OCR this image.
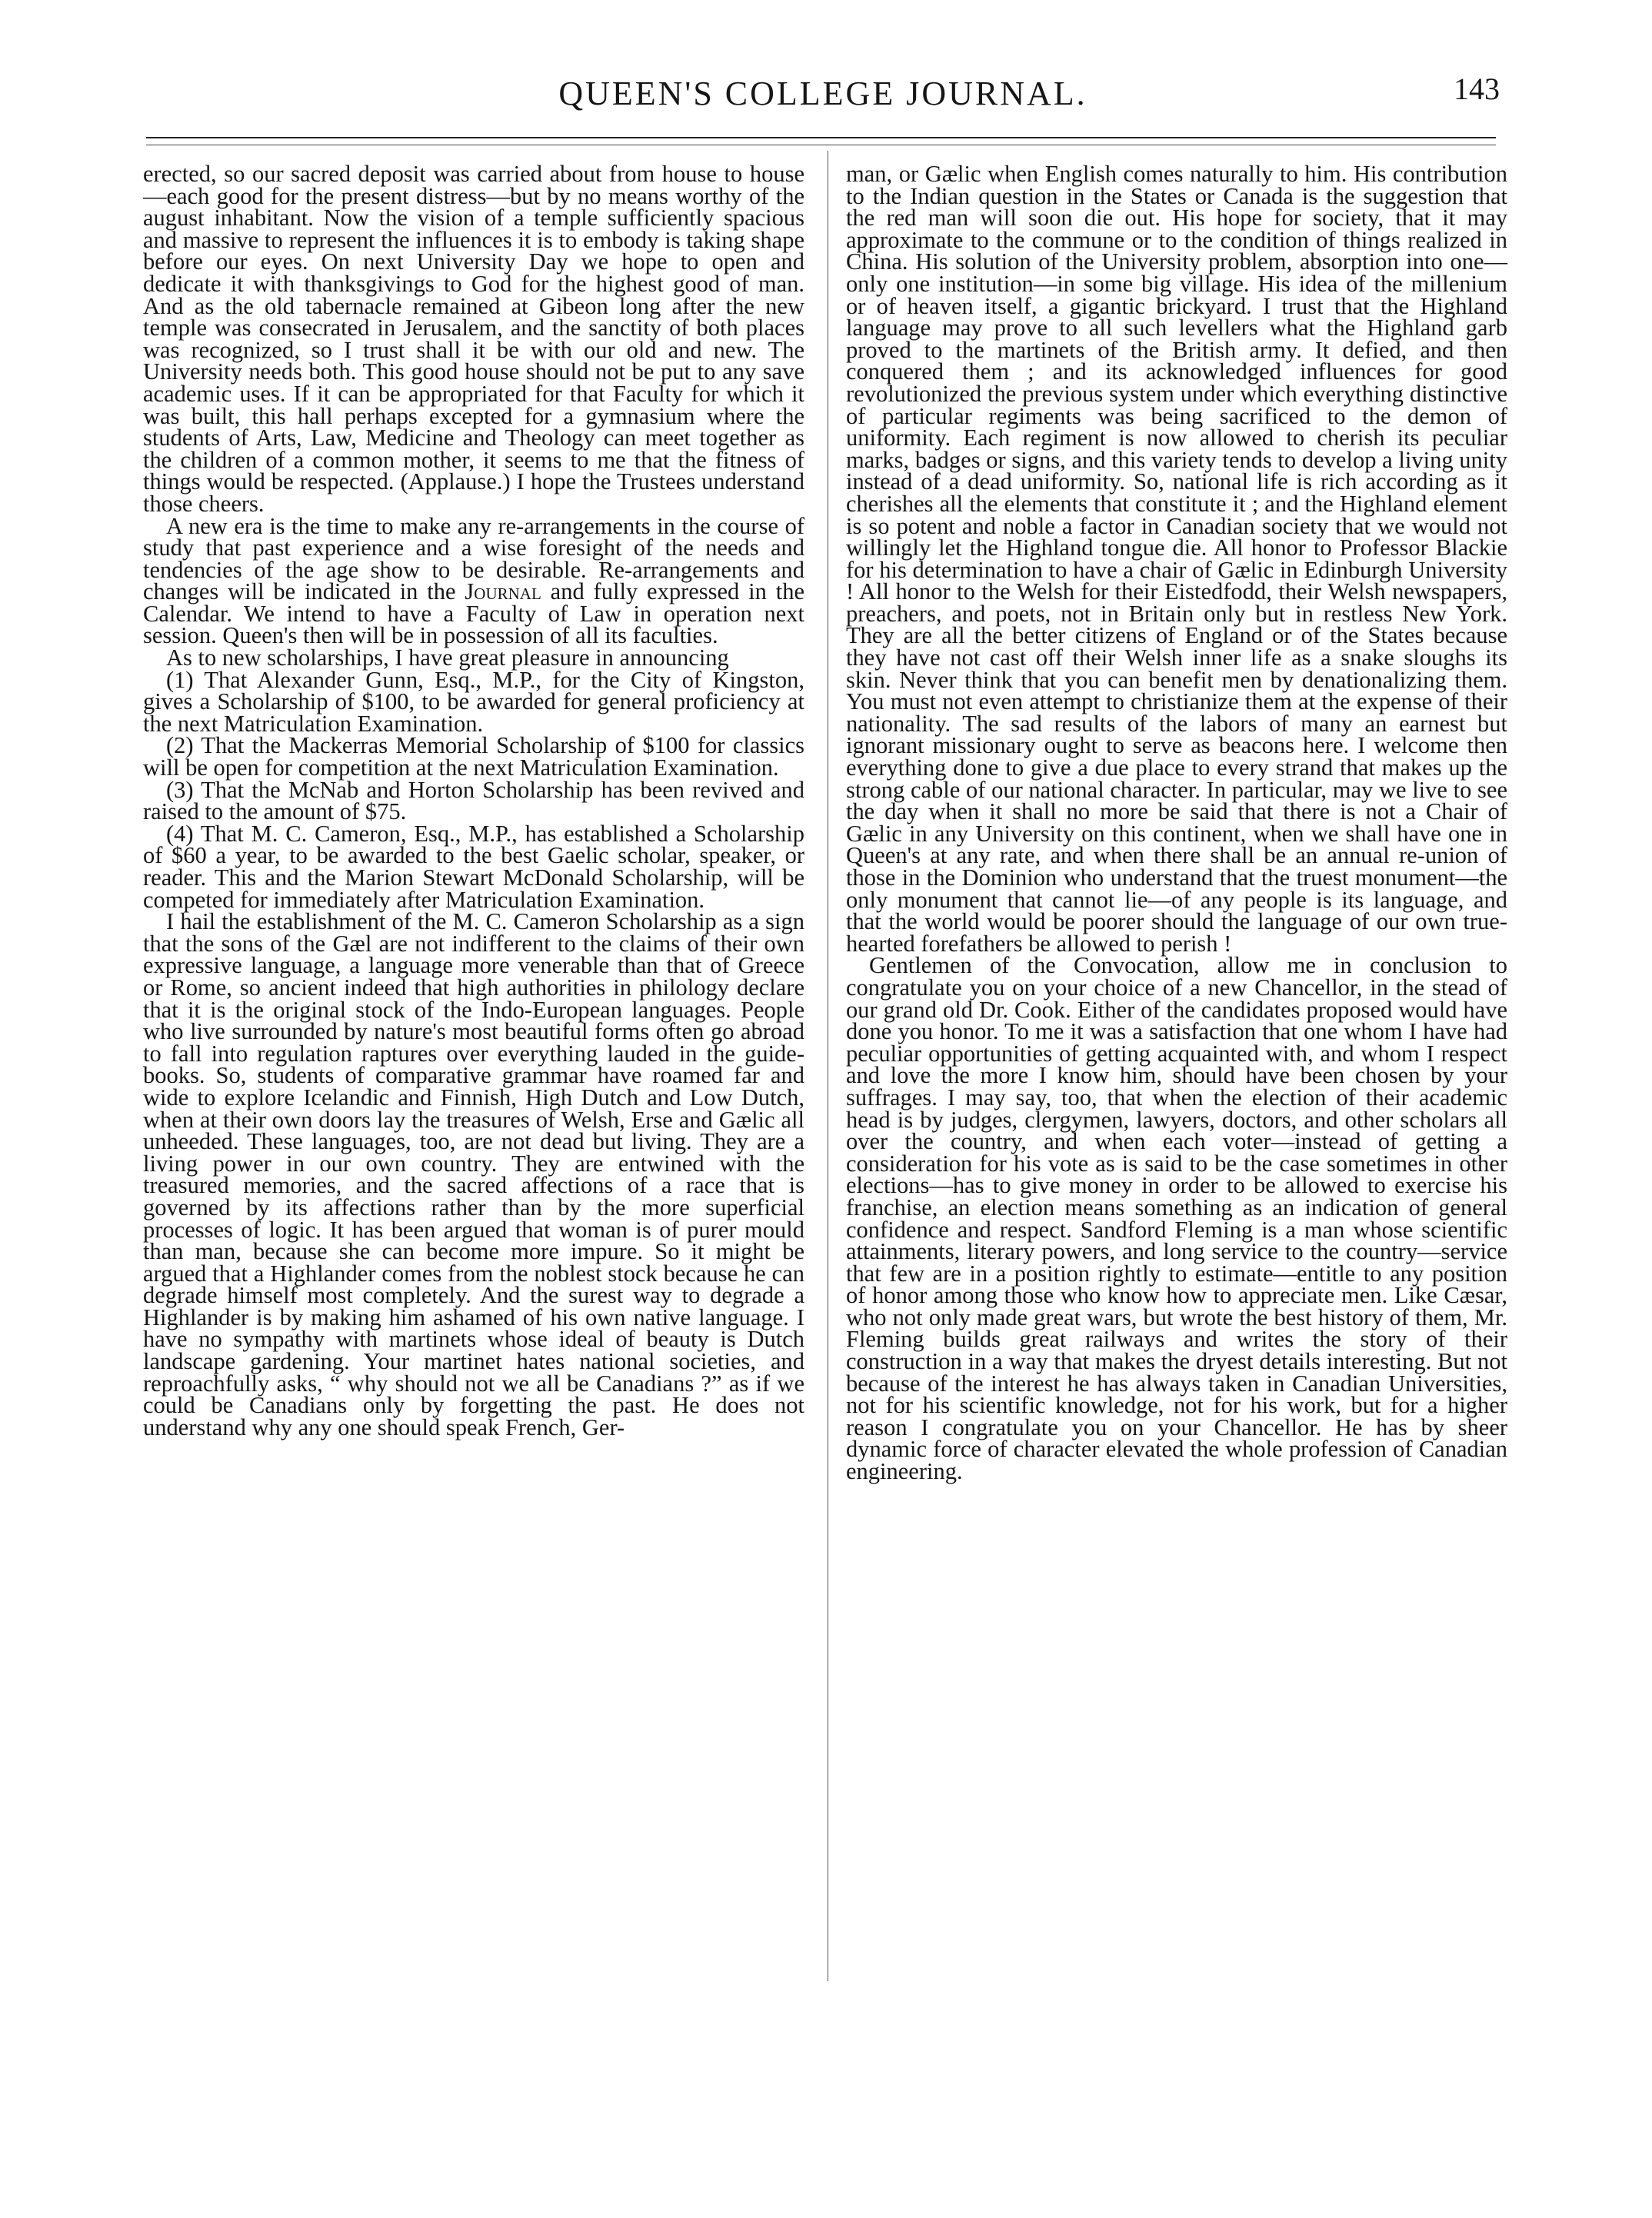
QUEEN'S COLLEGE JOURNAL.	143

erected, so our sacred deposit was carried about from house to house—each good for the present distress—but by no means worthy of the august inhabitant. Now the vision of a temple sufficiently spacious and massive to represent the influences it is to embody is taking shape before our eyes. On next University Day we hope to open and dedicate it with thanksgivings to God for the highest good of man. And as the old tabernacle remained at Gibeon long after the new temple was consecrated in Jerusalem, and the sanctity of both places was recognized, so I trust shall it be with our old and new. The University needs both. This good house should not be put to any save academic uses. If it can be appropriated for that Faculty for which it was built, this hall perhaps excepted for a gymnasium where the students of Arts, Law, Medicine and Theology can meet together as the children of a common mother, it seems to me that the fitness of things would be respected. (Applause.) I hope the Trustees understand those cheers.

A new era is the time to make any re-arrangements in the course of study that past experience and a wise foresight of the needs and tendencies of the age show to be desirable. Re-arrangements and changes will be indicated in the Journal and fully expressed in the Calendar. We intend to have a Faculty of Law in operation next session. Queen's then will be in possession of all its faculties.

As to new scholarships, I have great pleasure in announcing

(1) That Alexander Gunn, Esq., M.P., for the City of Kingston, gives a Scholarship of $100, to be awarded for general proficiency at the next Matriculation Examination.

(2) That the Mackerras Memorial Scholarship of $100 for classics will be open for competition at the next Matriculation Examination.

(3) That the McNab and Horton Scholarship has been revived and raised to the amount of $75.

(4) That M. C. Cameron, Esq., M.P., has established a Scholarship of $60 a year, to be awarded to the best Gaelic scholar, speaker, or reader. This and the Marion Stewart McDonald Scholarship, will be competed for immediately after Matriculation Examination.

I hail the establishment of the M. C. Cameron Scholarship as a sign that the sons of the Gæl are not indifferent to the claims of their own expressive language, a language more venerable than that of Greece or Rome, so ancient indeed that high authorities in philology declare that it is the original stock of the Indo-European languages. People who live surrounded by nature's most beautiful forms often go abroad to fall into regulation raptures over everything lauded in the guide-books. So, students of comparative grammar have roamed far and wide to explore Icelandic and Finnish, High Dutch and Low Dutch, when at their own doors lay the treasures of Welsh, Erse and Gælic all unheeded. These languages, too, are not dead but living. They are a living power in our own country. They are entwined with the treasured memories, and the sacred affections of a race that is governed by its affections rather than by the more superficial processes of logic. It has been argued that woman is of purer mould than man, because she can become more impure. So it might be argued that a Highlander comes from the noblest stock because he can degrade himself most completely. And the surest way to degrade a Highlander is by making him ashamed of his own native language. I have no sympathy with martinets whose ideal of beauty is Dutch landscape gardening. Your martinet hates national societies, and reproachfully asks, “ why should not we all be Canadians ?” as if we could be Canadians only by forgetting the past. He does not understand why any one should speak French, Ger-

man, or Gælic when English comes naturally to him. His contribution to the Indian question in the States or Canada is the suggestion that the red man will soon die out. His hope for society, that it may approximate to the commune or to the condition of things realized in China. His solution of the University problem, absorption into one—only one institution—in some big village. His idea of the millenium or of heaven itself, a gigantic brickyard. I trust that the Highland language may prove to all such levellers what the Highland garb proved to the martinets of the British army. It defied, and then conquered them ; and its acknowledged influences for good revolutionized the previous system under which everything distinctive of particular regiments was being sacrificed to the demon of uniformity. Each regiment is now allowed to cherish its peculiar marks, badges or signs, and this variety tends to develop a living unity instead of a dead uniformity. So, national life is rich according as it cherishes all the elements that constitute it ; and the Highland element is so potent and noble a factor in Canadian society that we would not willingly let the Highland tongue die. All honor to Professor Blackie for his determination to have a chair of Gælic in Edinburgh University ! All honor to the Welsh for their Eistedfodd, their Welsh newspapers, preachers, and poets, not in Britain only but in restless New York. They are all the better citizens of England or of the States because they have not cast off their Welsh inner life as a snake sloughs its skin. Never think that you can benefit men by denationalizing them. You must not even attempt to christianize them at the expense of their nationality. The sad results of the labors of many an earnest but ignorant missionary ought to serve as beacons here. I welcome then everything done to give a due place to every strand that makes up the strong cable of our national character. In particular, may we live to see the day when it shall no more be said that there is not a Chair of Gælic in any University on this continent, when we shall have one in Queen's at any rate, and when there shall be an annual re-union of those in the Dominion who understand that the truest monument—the only monument that cannot lie—of any people is its language, and that the world would be poorer should the language of our own true-hearted forefathers be allowed to perish !

Gentlemen of the Convocation, allow me in conclusion to congratulate you on your choice of a new Chancellor, in the stead of our grand old Dr. Cook. Either of the candidates proposed would have done you honor. To me it was a satisfaction that one whom I have had peculiar opportunities of getting acquainted with, and whom I respect and love the more I know him, should have been chosen by your suffrages. I may say, too, that when the election of their academic head is by judges, clergymen, lawyers, doctors, and other scholars all over the country, and when each voter—instead of getting a consideration for his vote as is said to be the case sometimes in other elections—has to give money in order to be allowed to exercise his franchise, an election means something as an indication of general confidence and respect. Sandford Fleming is a man whose scientific attainments, literary powers, and long service to the country—service that few are in a position rightly to estimate—entitle to any position of honor among those who know how to appreciate men. Like Cæsar, who not only made great wars, but wrote the best history of them, Mr. Fleming builds great railways and writes the story of their construction in a way that makes the dryest details interesting. But not because of the interest he has always taken in Canadian Universities, not for his scientific knowledge, not for his work, but for a higher reason I congratulate you on your Chancellor. He has by sheer dynamic force of character elevated the whole profession of Canadian engineering.
